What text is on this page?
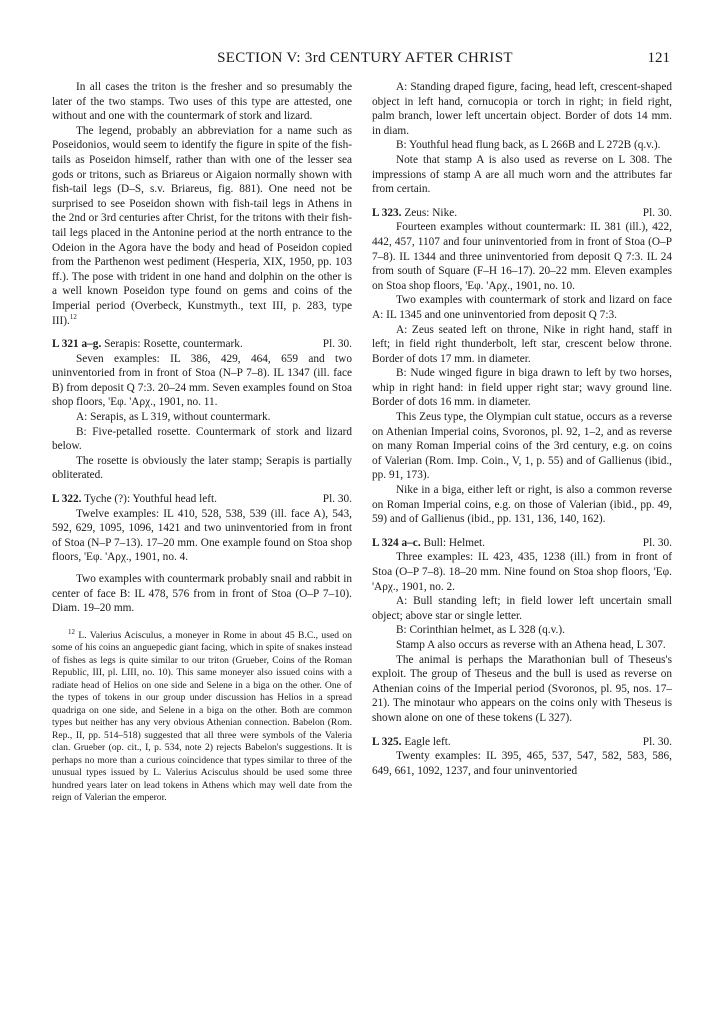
SECTION V: 3rd CENTURY AFTER CHRIST	121

In all cases the triton is the fresher and so presumably the later of the two stamps. Two uses of this type are attested, one without and one with the countermark of stork and lizard.

The legend, probably an abbreviation for a name such as Poseidonios, would seem to identify the figure in spite of the fish-tails as Poseidon himself, rather than with one of the lesser sea gods or tritons, such as Briareus or Aigaion normally shown with fish-tail legs (D–S, s.v. Briareus, fig. 881). One need not be surprised to see Poseidon shown with fish-tail legs in Athens in the 2nd or 3rd centuries after Christ, for the tritons with their fish-tail legs placed in the Antonine period at the north entrance to the Odeion in the Agora have the body and head of Poseidon copied from the Parthenon west pediment (Hesperia, XIX, 1950, pp. 103 ff.). The pose with trident in one hand and dolphin on the other is a well known Poseidon type found on gems and coins of the Imperial period (Overbeck, Kunstmyth., text III, p. 283, type III).$^{12}$

L 321 a–g. Serapis: Rosette, countermark.	Pl. 30.

Seven examples: IL 386, 429, 464, 659 and two uninventoried from in front of Stoa (N–P 7–8). IL 1347 (ill. face B) from deposit Q 7:3. 20–24 mm. Seven examples found on Stoa shop floors, 'Εφ. 'Αρχ., 1901, no. 11.

A: Serapis, as L 319, without countermark.

B: Five-petalled rosette. Countermark of stork and lizard below.

The rosette is obviously the later stamp; Serapis is partially obliterated.

L 322. Tyche (?): Youthful head left.	Pl. 30.

Twelve examples: IL 410, 528, 538, 539 (ill. face A), 543, 592, 629, 1095, 1096, 1421 and two uninventoried from in front of Stoa (N–P 7–13). 17–20 mm. One example found on Stoa shop floors, 'Εφ. 'Αρχ., 1901, no. 4.

Two examples with countermark probably snail and rabbit in center of face B: IL 478, 576 from in front of Stoa (O–P 7–10). Diam. 19–20 mm.

$^{12}$ L. Valerius Acisculus, a moneyer in Rome in about 45 B.C., used on some of his coins an anguepedic giant facing, which in spite of snakes instead of fishes as legs is quite similar to our triton (Grueber, Coins of the Roman Republic, III, pl. LIII, no. 10). This same moneyer also issued coins with a radiate head of Helios on one side and Selene in a biga on the other. One of the types of tokens in our group under discussion has Helios in a spread quadriga on one side, and Selene in a biga on the other. Both are common types but neither has any very obvious Athenian connection. Babelon (Rom. Rep., II, pp. 514–518) suggested that all three were symbols of the Valeria clan. Grueber (op. cit., I, p. 534, note 2) rejects Babelon's suggestions. It is perhaps no more than a curious coincidence that types similar to three of the unusual types issued by L. Valerius Acisculus should be used some three hundred years later on lead tokens in Athens which may well date from the reign of Valerian the emperor.

A: Standing draped figure, facing, head left, crescent-shaped object in left hand, cornucopia or torch in right; in field right, palm branch, lower left uncertain object. Border of dots 14 mm. in diam.

B: Youthful head flung back, as L 266B and L 272B (q.v.).

Note that stamp A is also used as reverse on L 308. The impressions of stamp A are all much worn and the attributes far from certain.

L 323. Zeus: Nike.	Pl. 30.

Fourteen examples without countermark: IL 381 (ill.), 422, 442, 457, 1107 and four uninventoried from in front of Stoa (O–P 7–8). IL 1344 and three uninventoried from deposit Q 7:3. IL 24 from south of Square (F–H 16–17). 20–22 mm. Eleven examples on Stoa shop floors, 'Εφ. 'Αρχ., 1901, no. 10.

Two examples with countermark of stork and lizard on face A: IL 1345 and one uninventoried from deposit Q 7:3.

A: Zeus seated left on throne, Nike in right hand, staff in left; in field right thunderbolt, left star, crescent below throne. Border of dots 17 mm. in diameter.

B: Nude winged figure in biga drawn to left by two horses, whip in right hand: in field upper right star; wavy ground line. Border of dots 16 mm. in diameter.

This Zeus type, the Olympian cult statue, occurs as a reverse on Athenian Imperial coins, Svoronos, pl. 92, 1–2, and as reverse on many Roman Imperial coins of the 3rd century, e.g. on coins of Valerian (Rom. Imp. Coin., V, 1, p. 55) and of Gallienus (ibid., pp. 91, 173).

Nike in a biga, either left or right, is also a common reverse on Roman Imperial coins, e.g. on those of Valerian (ibid., pp. 49, 59) and of Gallienus (ibid., pp. 131, 136, 140, 162).

L 324 a–c. Bull: Helmet.	Pl. 30.

Three examples: IL 423, 435, 1238 (ill.) from in front of Stoa (O–P 7–8). 18–20 mm. Nine found on Stoa shop floors, 'Εφ. 'Αρχ., 1901, no. 2.

A: Bull standing left; in field lower left uncertain small object; above star or single letter.

B: Corinthian helmet, as L 328 (q.v.).

Stamp A also occurs as reverse with an Athena head, L 307.

The animal is perhaps the Marathonian bull of Theseus's exploit. The group of Theseus and the bull is used as reverse on Athenian coins of the Imperial period (Svoronos, pl. 95, nos. 17–21). The minotaur who appears on the coins only with Theseus is shown alone on one of these tokens (L 327).

L 325. Eagle left.	Pl. 30.

Twenty examples: IL 395, 465, 537, 547, 582, 583, 586, 649, 661, 1092, 1237, and four uninventoried
